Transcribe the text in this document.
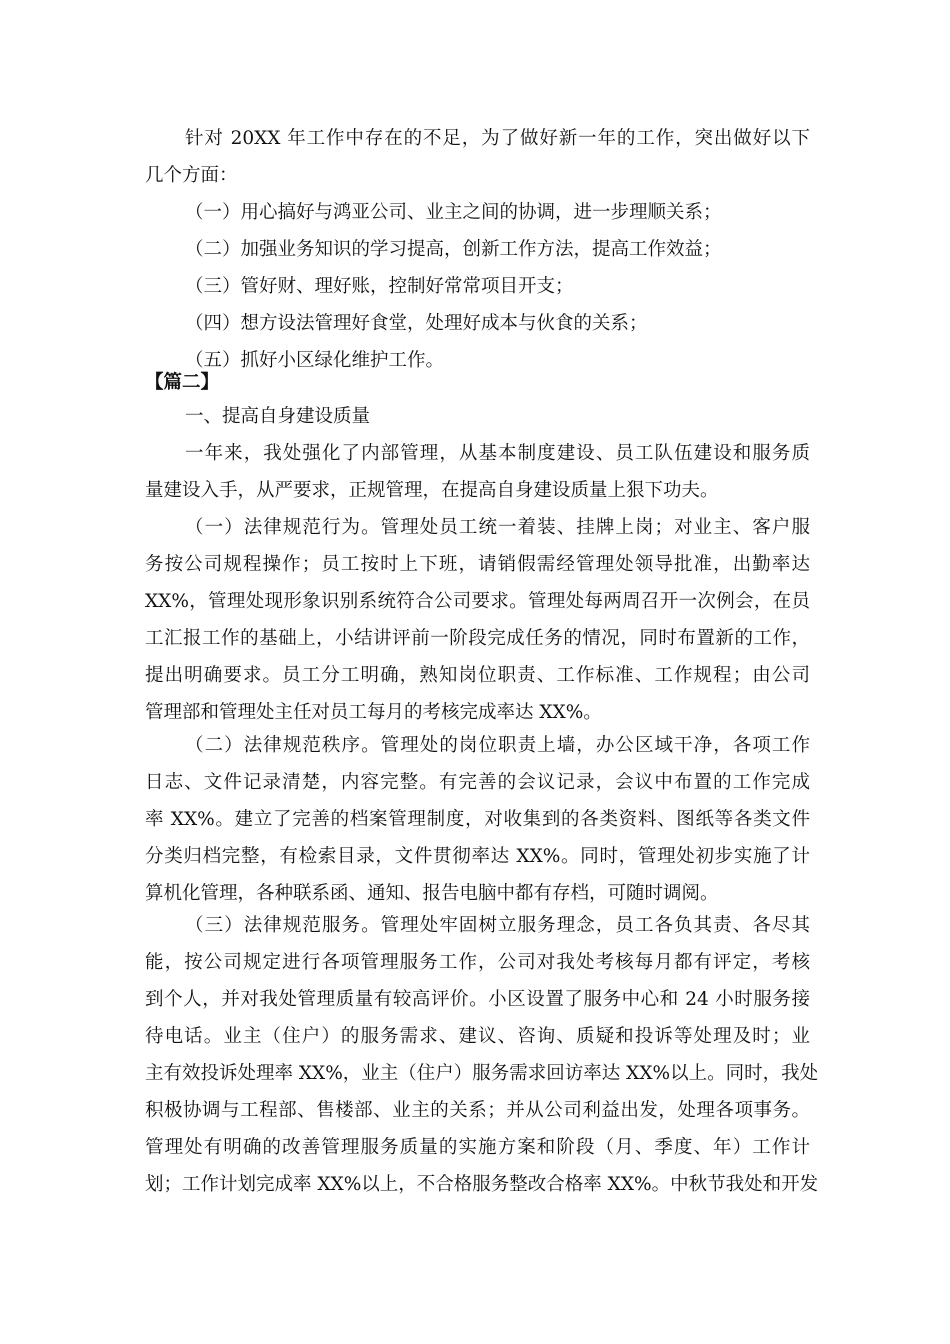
针对 20XX 年工作中存在的不足，为了做好新一年的工作，突出做好以下
几个方面：
（一）用心搞好与鸿亚公司、业主之间的协调，进一步理顺关系；
（二）加强业务知识的学习提高，创新工作方法，提高工作效益；
（三）管好财、理好账，控制好常常项目开支；
（四）想方设法管理好食堂，处理好成本与伙食的关系；
（五）抓好小区绿化维护工作。
【篇二】
一、提高自身建设质量
一年来，我处强化了内部管理，从基本制度建设、员工队伍建设和服务质
量建设入手，从严要求，正规管理，在提高自身建设质量上狠下功夫。
（一）法律规范行为。管理处员工统一着装、挂牌上岗；对业主、客户服
务按公司规程操作；员工按时上下班，请销假需经管理处领导批准，出勤率达
XX%，管理处现形象识别系统符合公司要求。管理处每两周召开一次例会，在员
工汇报工作的基础上，小结讲评前一阶段完成任务的情况，同时布置新的工作，
提出明确要求。员工分工明确，熟知岗位职责、工作标准、工作规程；由公司
管理部和管理处主任对员工每月的考核完成率达 XX%。
（二）法律规范秩序。管理处的岗位职责上墙，办公区域干净，各项工作
日志、文件记录清楚，内容完整。有完善的会议记录，会议中布置的工作完成
率 XX%。建立了完善的档案管理制度，对收集到的各类资料、图纸等各类文件
分类归档完整，有检索目录，文件贯彻率达 XX%。同时，管理处初步实施了计
算机化管理，各种联系函、通知、报告电脑中都有存档，可随时调阅。
（三）法律规范服务。管理处牢固树立服务理念，员工各负其责、各尽其
能，按公司规定进行各项管理服务工作，公司对我处考核每月都有评定，考核
到个人，并对我处管理质量有较高评价。小区设置了服务中心和 24 小时服务接
待电话。业主（住户）的服务需求、建议、咨询、质疑和投诉等处理及时；业
主有效投诉处理率 XX%，业主（住户）服务需求回访率达 XX%以上。同时，我处
积极协调与工程部、售楼部、业主的关系；并从公司利益出发，处理各项事务。
管理处有明确的改善管理服务质量的实施方案和阶段（月、季度、年）工作计
划；工作计划完成率 XX%以上，不合格服务整改合格率 XX%。中秋节我处和开发
